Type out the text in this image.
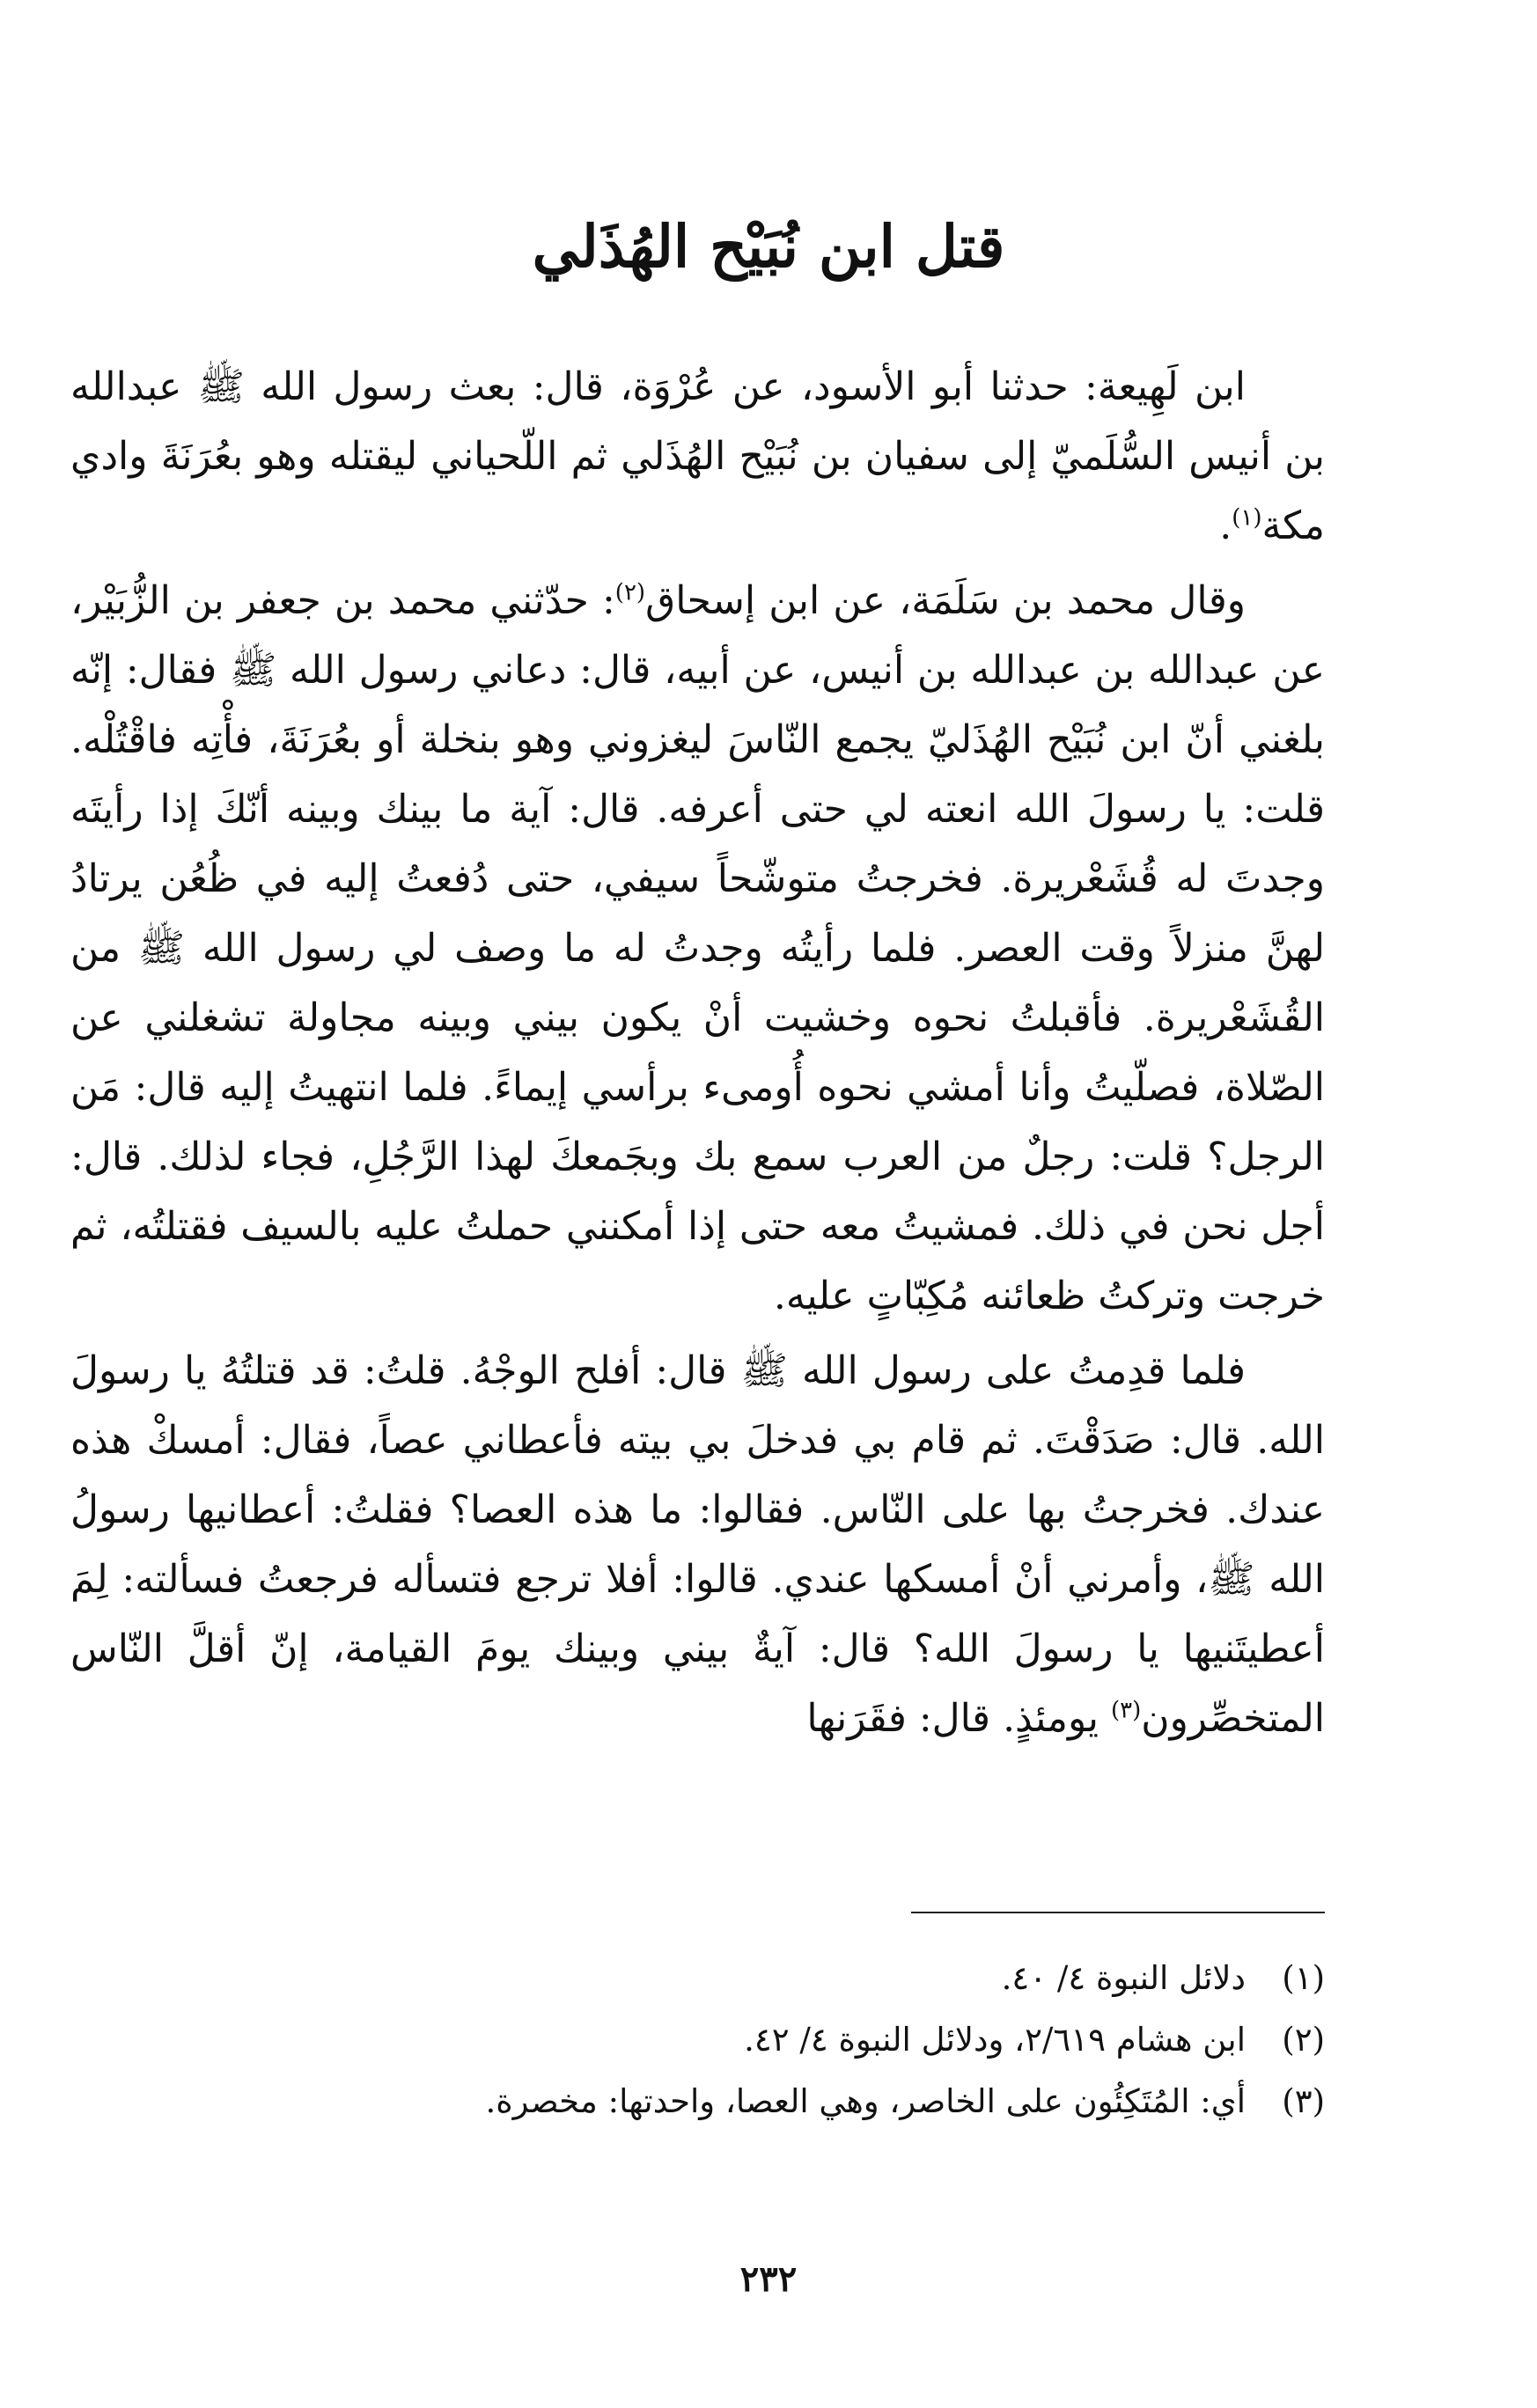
قتل ابن نُبَيْح الهُذَلي

ابن لَهِيعة: حدثنا أبو الأسود، عن عُرْوَة، قال: بعث رسول الله ﷺ عبدالله بن أنيس السُّلَميّ إلى سفيان بن نُبَيْح الهُذَلي ثم اللّحياني ليقتله وهو بعُرَنَةَ وادي مكة$^{(١)}$.

وقال محمد بن سَلَمَة، عن ابن إسحاق$^{(٢)}$: حدّثني محمد بن جعفر بن الزُّبَيْر، عن عبدالله بن عبدالله بن أنيس، عن أبيه، قال: دعاني رسول الله ﷺ فقال: إنّه بلغني أنّ ابن نُبَيْح الهُذَليّ يجمع النّاسَ ليغزوني وهو بنخلة أو بعُرَنَةَ، فأْتِه فاقْتُلْه. قلت: يا رسولَ الله انعته لي حتى أعرفه. قال: آية ما بينك وبينه أنّكَ إذا رأيتَه وجدتَ له قُشَعْريرة. فخرجتُ متوشّحاً سيفي، حتى دُفعتُ إليه في ظُعُن يرتادُ لهنَّ منزلاً وقت العصر. فلما رأيتُه وجدتُ له ما وصف لي رسول الله ﷺ من القُشَعْريرة. فأقبلتُ نحوه وخشيت أنْ يكون بيني وبينه مجاولة تشغلني عن الصّلاة، فصلّيتُ وأنا أمشي نحوه أُومىء برأسي إيماءً. فلما انتهيتُ إليه قال: مَن الرجل؟ قلت: رجلٌ من العرب سمع بك وبجَمعكَ لهذا الرَّجُلِ، فجاء لذلك. قال: أجل نحن في ذلك. فمشيتُ معه حتى إذا أمكنني حملتُ عليه بالسيف فقتلتُه، ثم خرجت وتركتُ ظعائنه مُكِبّاتٍ عليه.

فلما قدِمتُ على رسول الله ﷺ قال: أفلح الوجْهُ. قلتُ: قد قتلتُهُ يا رسولَ الله. قال: صَدَقْتَ. ثم قام بي فدخلَ بي بيته فأعطاني عصاً، فقال: أمسكْ هذه عندك. فخرجتُ بها على النّاس. فقالوا: ما هذه العصا؟ فقلتُ: أعطانيها رسولُ الله ﷺ، وأمرني أنْ أمسكها عندي. قالوا: أفلا ترجع فتسأله فرجعتُ فسألته: لِمَ أعطيتَنيها يا رسولَ الله؟ قال: آيةٌ بيني وبينك يومَ القيامة، إنّ أقلَّ النّاس المتخصِّرون$^{(٣)}$ يومئذٍ. قال: فقَرَنها

(١)
دلائل النبوة ٤/ ٤٠.
(٢)
ابن هشام ٢/٦١٩، ودلائل النبوة ٤/ ٤٢.
(٣)
أي: المُتَكِئُون على الخاصر، وهي العصا، واحدتها: مخصرة.
٢٣٢
